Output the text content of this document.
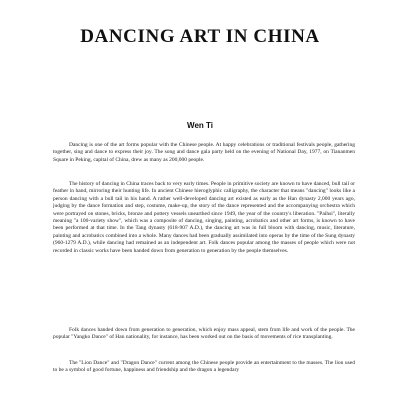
DANCING ART IN CHINA
Wen Ti

Dancing is one of the art forms popular with the Chinese people. At happy celebrations or traditional festivals people, gathering together, sing and dance to express their joy. The song and dance gala party held on the evening of National Day, 1977, on Tiananmen Square in Peking, capital of China, drew as many as 200,000 people.

The history of dancing in China traces back to very early times. People in primitive society are known to have danced, bull tail or feather in hand, mirroring their hunting life. In ancient Chinese hieroglyphic calligraphy, the character that means "dancing" looks like a person dancing with a bull tail in his hand. A rather well-developed dancing art existed as early as the Han dynasty 2,000 years ago, judging by the dance formation and step, costume, make-up, the story of the dance represented and the accompanying orchestra which were portrayed on stones, bricks, bronze and pottery vessels unearthed since 1949, the year of the country's liberation. "Paihsi", literally meaning "a 100-variety show", which was a composite of dancing, singing, painting, acrobatics and other art forms, is known to have been performed at that time. In the Tang dynasty (618-907 A.D.), the dancing art was in full bloom with dancing, music, literature, painting and acrobatics combined into a whole. Many dances had been gradually assimilated into operas by the time of the Sung dynasty (960-1279 A.D.), while dancing had remained as an independent art. Folk dances popular among the masses of people which were not recorded in classic works have been handed down from generation to generation by the people themselves.

Folk dances handed down from generation to generation, which enjoy mass appeal, stem from life and work of the people. The popular "Yangko Dance" of Han nationality, for instance, has been worked out on the basis of movements of rice transplanting.

The "Lion Dance" and "Dragon Dance" current among the Chinese people provide an entertainment to the masses. The lion used to be a symbol of good fortune, happiness and friendship and the dragon a legendary
